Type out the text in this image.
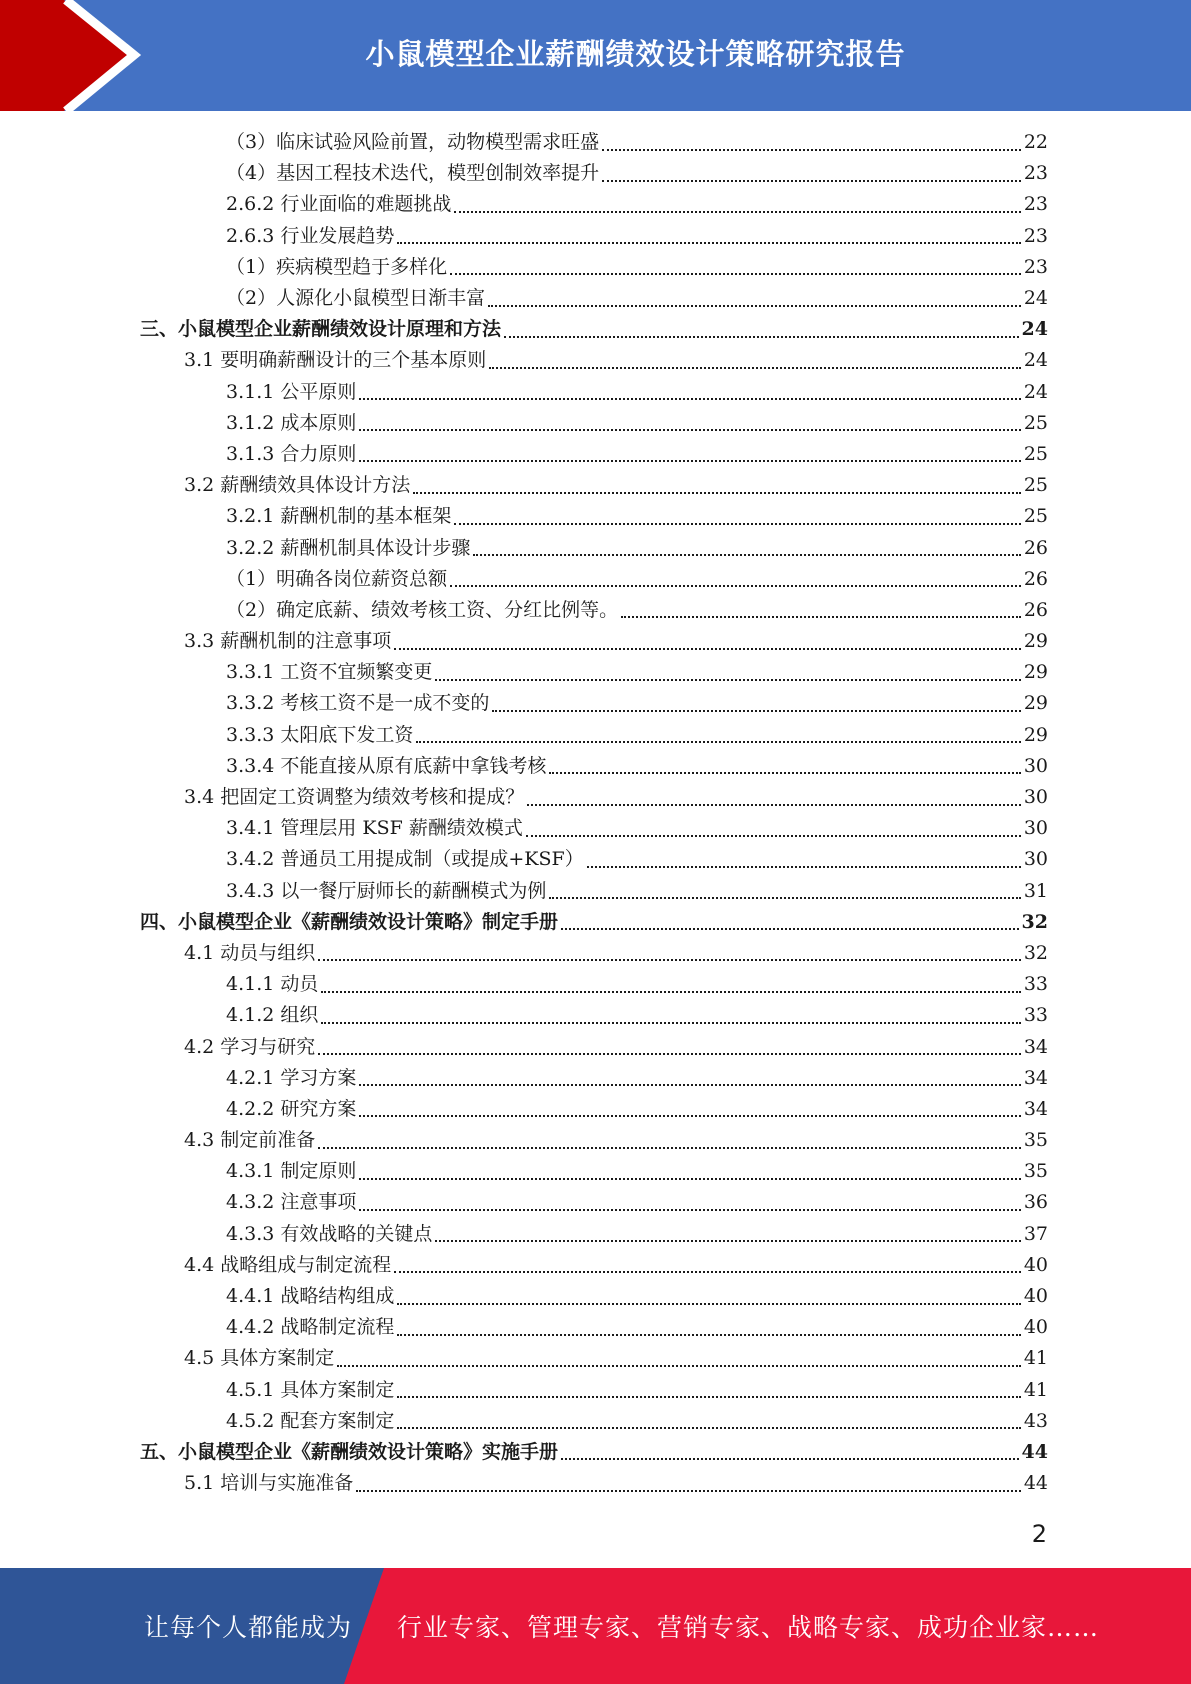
小鼠模型企业薪酬绩效设计策略研究报告
（3）临床试验风险前置，动物模型需求旺盛	22
（4）基因工程技术迭代，模型创制效率提升	23
2.6.2 行业面临的难题挑战	23
2.6.3 行业发展趋势	23
（1）疾病模型趋于多样化	23
（2）人源化小鼠模型日渐丰富	24
三、小鼠模型企业薪酬绩效设计原理和方法	24
3.1 要明确薪酬设计的三个基本原则	24
3.1.1 公平原则	24
3.1.2 成本原则	25
3.1.3 合力原则	25
3.2 薪酬绩效具体设计方法	25
3.2.1 薪酬机制的基本框架	25
3.2.2 薪酬机制具体设计步骤	26
（1）明确各岗位薪资总额	26
（2）确定底薪、绩效考核工资、分红比例等。	26
3.3 薪酬机制的注意事项	29
3.3.1 工资不宜频繁变更	29
3.3.2 考核工资不是一成不变的	29
3.3.3 太阳底下发工资	29
3.3.4 不能直接从原有底薪中拿钱考核	30
3.4 把固定工资调整为绩效考核和提成？	30
3.4.1 管理层用 KSF 薪酬绩效模式	30
3.4.2 普通员工用提成制（或提成+KSF）	30
3.4.3 以一餐厅厨师长的薪酬模式为例	31
四、小鼠模型企业《薪酬绩效设计策略》制定手册	32
4.1 动员与组织	32
4.1.1 动员	33
4.1.2 组织	33
4.2 学习与研究	34
4.2.1 学习方案	34
4.2.2 研究方案	34
4.3 制定前准备	35
4.3.1 制定原则	35
4.3.2 注意事项	36
4.3.3 有效战略的关键点	37
4.4 战略组成与制定流程	40
4.4.1 战略结构组成	40
4.4.2 战略制定流程	40
4.5 具体方案制定	41
4.5.1 具体方案制定	41
4.5.2 配套方案制定	43
五、小鼠模型企业《薪酬绩效设计策略》实施手册	44
5.1 培训与实施准备	44
2
让每个人都能成为 行业专家、管理专家、营销专家、战略专家、成功企业家……
